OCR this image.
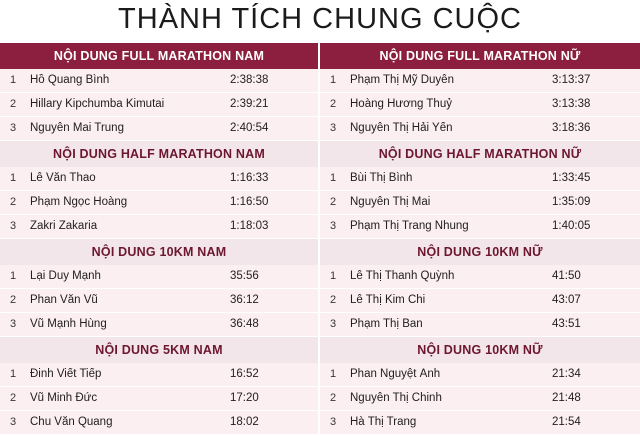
THÀNH TÍCH CHUNG CUỘC
NỘI DUNG FULL MARATHON NAM
1	Hồ Quang Bình	2:38:38
2	Hillary Kipchumba Kimutai	2:39:21
3	Nguyễn Mai Trung	2:40:54
NỘI DUNG HALF MARATHON NAM
1	Lê Văn Thao	1:16:33
2	Phạm Ngọc Hoàng	1:16:50
3	Zakri Zakaria	1:18:03
NỘI DUNG 10KM NAM
1	Lại Duy Mạnh	35:56
2	Phan Văn Vũ	36:12
3	Vũ Mạnh Hùng	36:48
NỘI DUNG 5KM NAM
1	Đinh Viết Tiếp	16:52
2	Vũ Minh Đức	17:20
3	Chu Văn Quang	18:02
NỘI DUNG FULL MARATHON NỮ
1	Phạm Thị Mỹ Duyên	3:13:37
2	Hoàng Hương Thuỷ	3:13:38
3	Nguyễn Thị Hải Yến	3:18:36
NỘI DUNG HALF MARATHON NỮ
1	Bùi Thị Bình	1:33:45
2	Nguyễn Thị Mai	1:35:09
3	Phạm Thị Trang Nhung	1:40:05
NỘI DUNG 10KM NỮ
1	Lê Thị Thanh Quỳnh	41:50
2	Lê Thị Kim Chi	43:07
3	Phạm Thị Ban	43:51
NỘI DUNG 10KM NỮ
1	Phan Nguyệt Ánh	21:34
2	Nguyễn Thị Chinh	21:48
3	Hà Thị Trang	21:54
